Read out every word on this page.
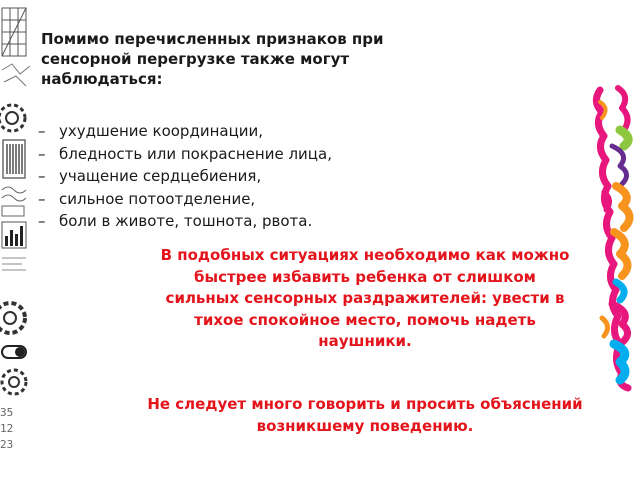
35
12
23

Помимо перечисленных признаков при сенсорной перегрузке также могут наблюдаться:

– ухудшение координации,
– бледность или покраснение лица,
– учащение сердцебиения,
– сильное потоотделение,
– боли в животе, тошнота, рвота.

В подобных ситуациях необходимо как можно быстрее избавить ребенка от слишком сильных сенсорных раздражителей: увести в тихое спокойное место, помочь надеть наушники.

Не следует много говорить и просить объяснений возникшему поведению.
